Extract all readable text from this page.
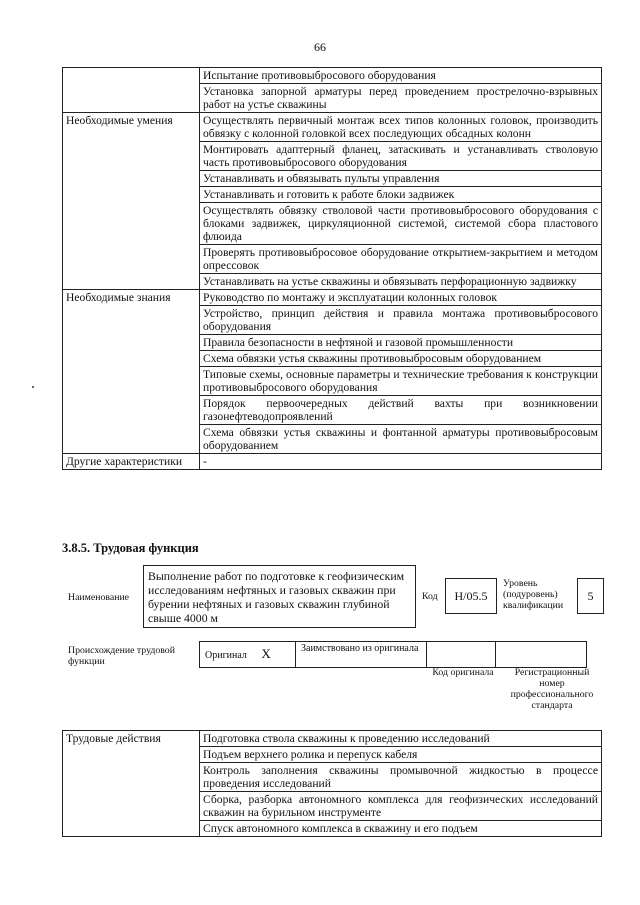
66
	Испытание противовыбросового оборудования
	Установка запорной арматуры перед проведением прострелочно-взрывных работ на устье скважины
Необходимые умения	Осуществлять первичный монтаж всех типов колонных головок, производить обвязку с колонной головкой всех последующих обсадных колонн
	Монтировать адаптерный фланец, затаскивать и устанавливать стволовую часть противовыбросового оборудования
	Устанавливать и обвязывать пульты управления
	Устанавливать и готовить к работе блоки задвижек
	Осуществлять обвязку стволовой части противовыбросового оборудования с блоками задвижек, циркуляционной системой, системой сбора пластового флюида
	Проверять противовыбросовое оборудование открытием-закрытием и методом опрессовок
	Устанавливать на устье скважины и обвязывать перфорационную задвижку
Необходимые знания	Руководство по монтажу и эксплуатации колонных головок
	Устройство, принцип действия и правила монтажа противовыбросового оборудования
	Правила безопасности в нефтяной и газовой промышленности
	Схема обвязки устья скважины противовыбросовым оборудованием
	Типовые схемы, основные параметры и технические требования к конструкции противовыбросового оборудования
	Порядок первоочередных действий вахты при возникновении газонефтеводопроявлений
	Схема обвязки устья скважины и фонтанной арматуры противовыбросовым оборудованием
Другие характеристики	-
3.8.5. Трудовая функция
Наименование
Выполнение работ по подготовке к геофизическим исследованиям нефтяных и газовых скважин при бурении нефтяных и газовых скважин глубиной свыше 4000 м
Код	H/05.5
Уровень (подуровень) квалификации
5
Происхождение трудовой функции
Оригинал X	Заимствовано из оригинала		
Код оригинала	Регистрационный номер профессионального стандарта
Трудовые действия	Подготовка ствола скважины к проведению исследований
Подъем верхнего ролика и перепуск кабеля
Контроль заполнения скважины промывочной жидкостью в процессе проведения исследований
Сборка, разборка автономного комплекса для геофизических исследований скважин на бурильном инструменте
Спуск автономного комплекса в скважину и его подъем
